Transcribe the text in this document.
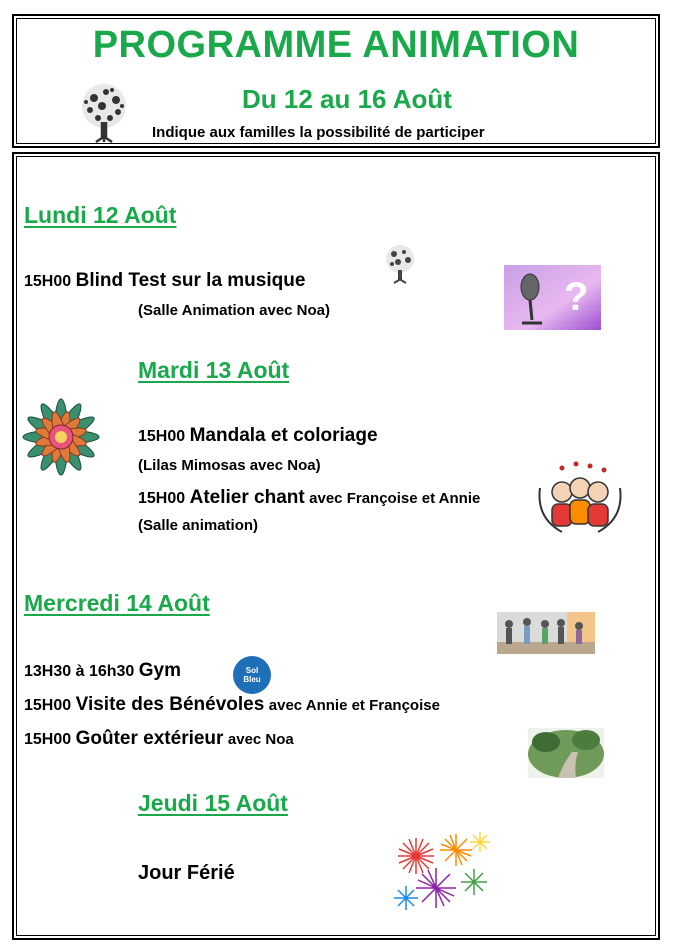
PROGRAMME ANIMATION
Du 12 au 16 Août
Indique aux familles la possibilité de participer
Lundi 12 Août
15H00 Blind Test sur la musique
(Salle Animation avec Noa)	?
Mardi 13 Août
15H00 Mandala et coloriage
(Lilas Mimosas avec Noa)
15H00 Atelier chant avec Françoise et Annie
(Salle animation)
Mercredi 14 Août
13H30 à 16h30 Gym	Sol
Bleu
15H00 Visite des Bénévoles avec Annie et Françoise
15H00 Goûter extérieur avec Noa
Jeudi 15 Août
Jour Férié
